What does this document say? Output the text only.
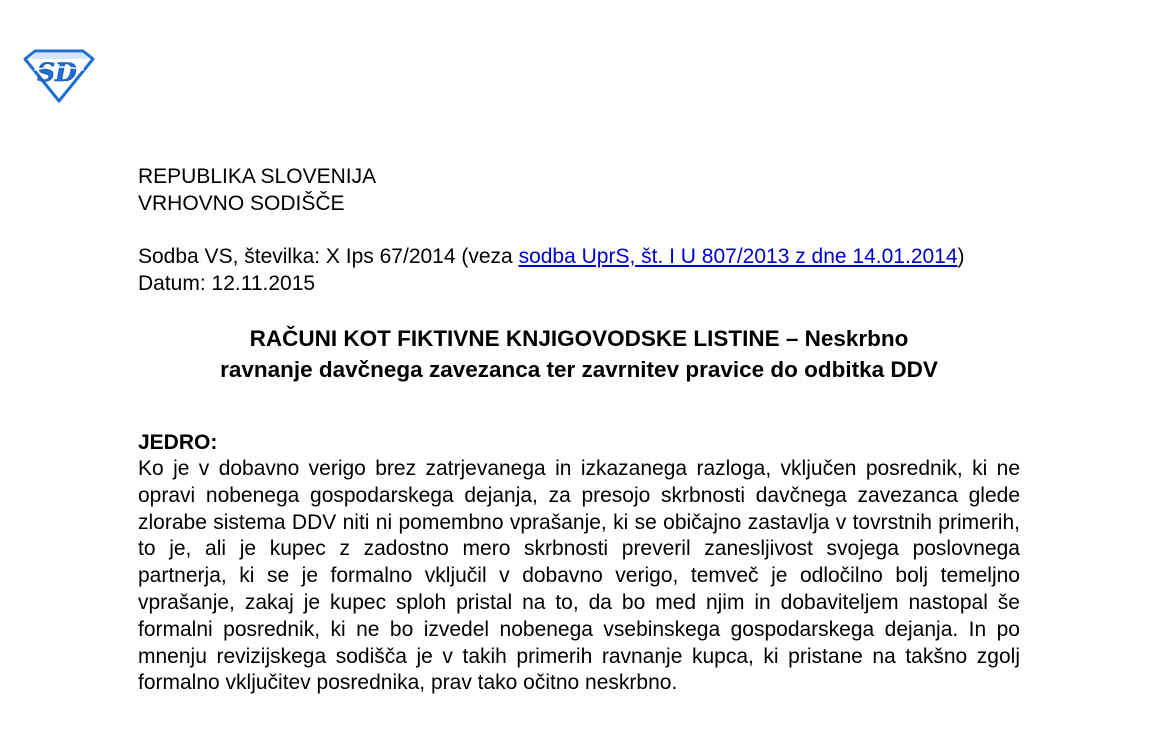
SD
REPUBLIKA SLOVENIJA
VRHOVNO SODIŠČE
Sodba VS, številka: X Ips 67/2014 (veza sodba UprS, št. I U 807/2013 z dne 14.01.2014)
Datum: 12.11.2015
RAČUNI KOT FIKTIVNE KNJIGOVODSKE LISTINE – Neskrbno
ravnanje davčnega zavezanca ter zavrnitev pravice do odbitka DDV
JEDRO:
Ko je v dobavno verigo brez zatrjevanega in izkazanega razloga, vključen posrednik, ki ne opravi nobenega gospodarskega dejanja, za presojo skrbnosti davčnega zavezanca glede zlorabe sistema DDV niti ni pomembno vprašanje, ki se običajno zastavlja v tovrstnih primerih, to je, ali je kupec z zadostno mero skrbnosti preveril zanesljivost svojega poslovnega partnerja, ki se je formalno vključil v dobavno verigo, temveč je odločilno bolj temeljno vprašanje, zakaj je kupec sploh pristal na to, da bo med njim in dobaviteljem nastopal še formalni posrednik, ki ne bo izvedel nobenega vsebinskega gospodarskega dejanja. In po mnenju revizijskega sodišča je v takih primerih ravnanje kupca, ki pristane na takšno zgolj formalno vključitev posrednika, prav tako očitno neskrbno.
